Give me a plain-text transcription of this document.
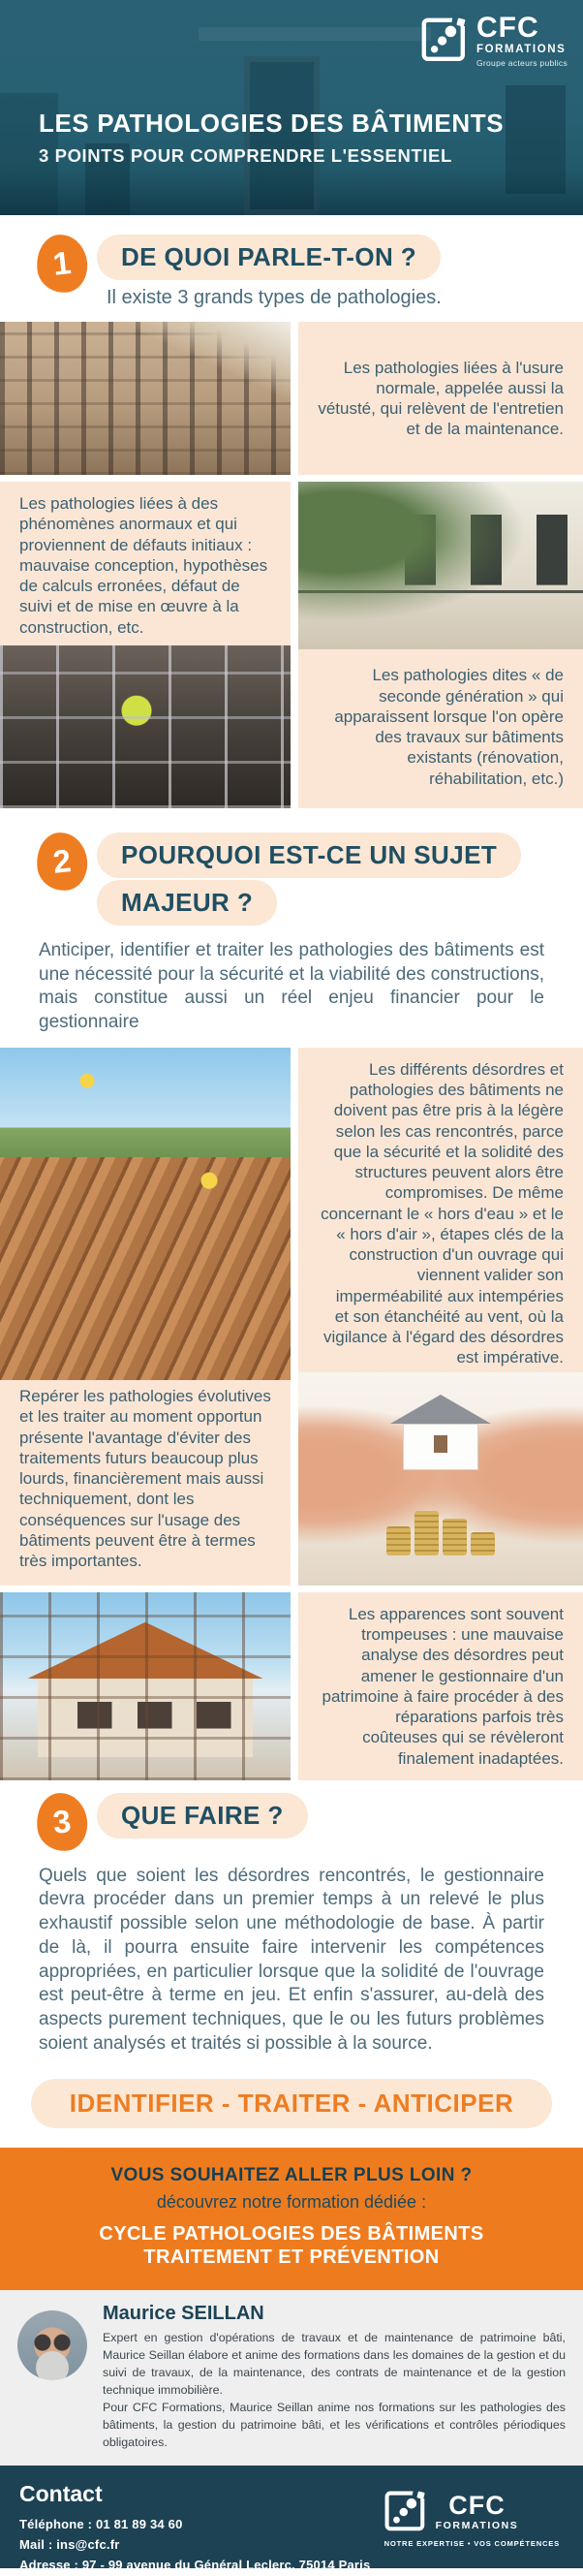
CFC
FORMATIONS
Groupe acteurs publics
LES PATHOLOGIES DES BÂTIMENTS
3 POINTS POUR COMPRENDRE L'ESSENTIEL
1	DE QUOI PARLE-T-ON ?

Il existe 3 grands types de pathologies.

Les pathologies liées à l'usure normale, appelée aussi la vétusté, qui relèvent de l'entretien et de la maintenance.

Les pathologies liées à des phénomènes anormaux et qui proviennent de défauts initiaux : mauvaise conception, hypothèses de calculs erronées, défaut de suivi et de mise en œuvre à la construction, etc.

Les pathologies dites « de seconde génération » qui apparaissent lorsque l'on opère des travaux sur bâtiments existants (rénovation, réhabilitation, etc.)

2	POURQUOI EST-CE UN SUJET
MAJEUR ?

Anticiper, identifier et traiter les pathologies des bâtiments est une nécessité pour la sécurité et la viabilité des constructions, mais constitue aussi un réel enjeu financier pour le gestionnaire

Les différents désordres et pathologies des bâtiments ne doivent pas être pris à la légère selon les cas rencontrés, parce que la sécurité et la solidité des structures peuvent alors être compromises. De même concernant le « hors d'eau » et le « hors d'air », étapes clés de la construction d'un ouvrage qui viennent valider son imperméabilité aux intempéries et son étanchéité au vent, où la vigilance à l'égard des désordres est impérative.

Repérer les pathologies évolutives et les traiter au moment opportun présente l'avantage d'éviter des traitements futurs beaucoup plus lourds, financièrement mais aussi techniquement, dont les conséquences sur l'usage des bâtiments peuvent être à termes très importantes.

Les apparences sont souvent trompeuses : une mauvaise analyse des désordres peut amener le gestionnaire d'un patrimoine à faire procéder à des réparations parfois très coûteuses qui se révèleront finalement inadaptées.

3	QUE FAIRE ?

Quels que soient les désordres rencontrés, le gestionnaire devra procéder dans un premier temps à un relevé le plus exhaustif possible selon une méthodologie de base. À partir de là, il pourra ensuite faire intervenir les compétences appropriées, en particulier lorsque que la solidité de l'ouvrage est peut-être à terme en jeu. Et enfin s'assurer, au-delà des aspects purement techniques, que le ou les futurs problèmes soient analysés et traités si possible à la source.

IDENTIFIER - TRAITER - ANTICIPER
VOUS SOUHAITEZ ALLER PLUS LOIN ?
découvrez notre formation dédiée :
CYCLE PATHOLOGIES DES BÂTIMENTS
TRAITEMENT ET PRÉVENTION
Maurice SEILLAN

Expert en gestion d'opérations de travaux et de maintenance de patrimoine bâti, Maurice Seillan élabore et anime des formations dans les domaines de la gestion et du suivi de travaux, de la maintenance, des contrats de maintenance et de la gestion technique immobilière.

Pour CFC Formations, Maurice Seillan anime nos formations sur les pathologies des bâtiments, la gestion du patrimoine bâti, et les vérifications et contrôles périodiques obligatoires.

Contact
Téléphone : 01 81 89 34 60
Mail : ins@cfc.fr
Adresse : 97 - 99 avenue du Général Leclerc, 75014 Paris
CFC
FORMATIONS
NOTRE EXPERTISE • VOS COMPÉTENCES
